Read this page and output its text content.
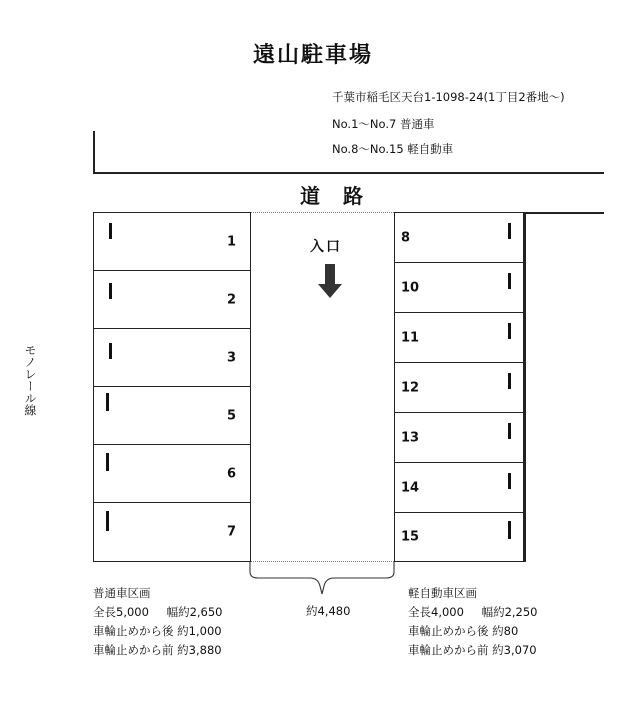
遠山駐車場
千葉市稲毛区天台1-1098-24(1丁目2番地～)
No.1～No.7 普通車
No.8～No.15 軽自動車
道 路
1
2
3
5
6
7
入口
8
10
11
12
13
14
15
モノレール線
約4,480
普通車区画
全長5,000 幅約2,650
車輪止めから後 約1,000
車輪止めから前 約3,880
軽自動車区画
全長4,000 幅約2,250
車輪止めから後 約80
車輪止めから前 約3,070
